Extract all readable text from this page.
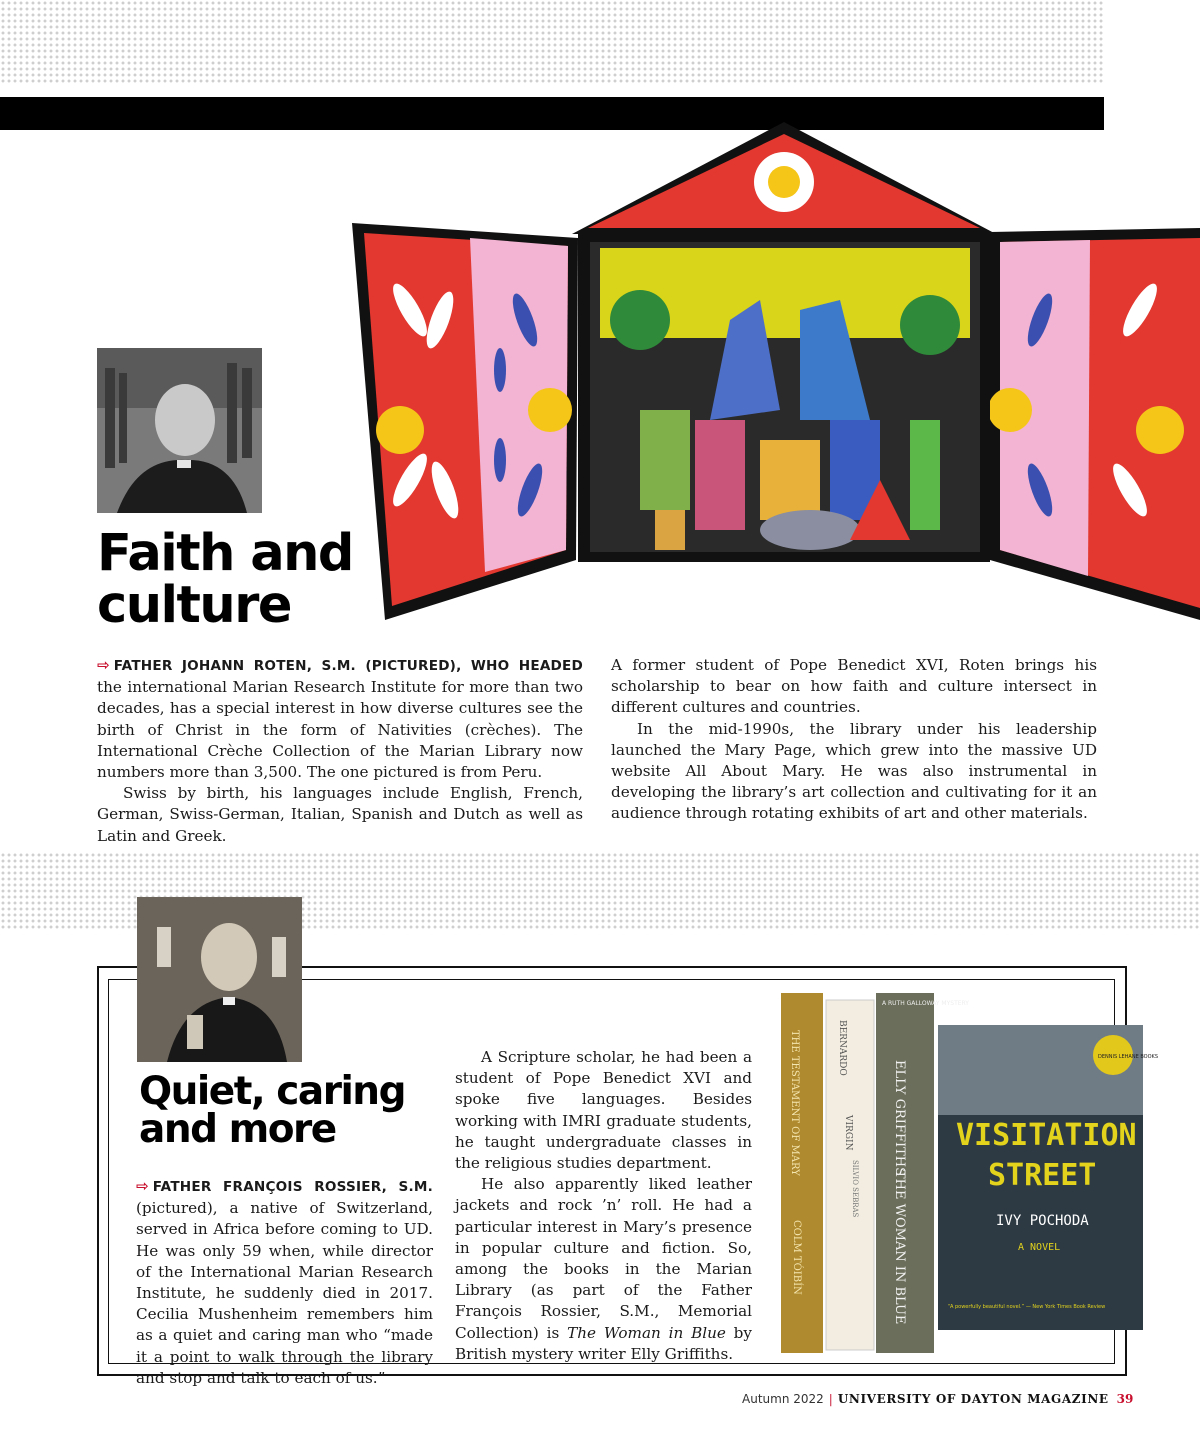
Faith and
culture

⇨ FATHER JOHANN ROTEN, S.M. (PICTURED), WHO HEADED the international Marian Research Institute for more than two decades, has a special interest in how diverse cultures see the birth of Christ in the form of Nativities (crèches). The International Crèche Collection of the Marian Library now numbers more than 3,500. The one pictured is from Peru.

Swiss by birth, his languages include English, French, German, Swiss-German, Italian, Spanish and Dutch as well as Latin and Greek.

A former student of Pope Benedict XVI, Roten brings his scholarship to bear on how faith and culture intersect in different cultures and countries.

In the mid-1990s, the library under his leadership launched the Mary Page, which grew into the massive UD website All About Mary. He was also instrumental in developing the library’s art collection and cultivating for it an audience through rotating exhibits of art and other materials.

Quiet, caring
and more

⇨ FATHER FRANÇOIS ROSSIER, S.M. (pictured), a native of Switzerland, served in Africa before coming to UD. He was only 59 when, while director of the International Marian Research Institute, he suddenly died in 2017. Cecilia Mushenheim remembers him as a quiet and caring man who “made it a point to walk through the library and stop and talk to each of us.”

A Scripture scholar, he had been a student of Pope Benedict XVI and spoke five languages. Besides working with IMRI graduate students, he taught undergraduate classes in the religious studies department.

He also apparently liked leather jackets and rock ’n’ roll. He had a particular interest in Mary’s presence in popular culture and fiction. So, among the books in the Marian Library (as part of the Father François Rossier, S.M., Memorial Collection) is The Woman in Blue by British mystery writer Elly Griffiths.

THE TESTAMENT OF MARY
COLM TÓIBÍN
BERNARDO
VIRGIN
SILVIO SEBRAS
A RUTH GALLOWAY MYSTERY
ELLY GRIFFITHS
THE WOMAN IN BLUE
DENNIS LEHANE BOOKS
VISITATION
STREET
IVY POCHODA
A NOVEL
“A powerfully beautiful novel.” — New York Times Book Review
Autumn 2022 | UNIVERSITY OF DAYTON MAGAZINE 39
